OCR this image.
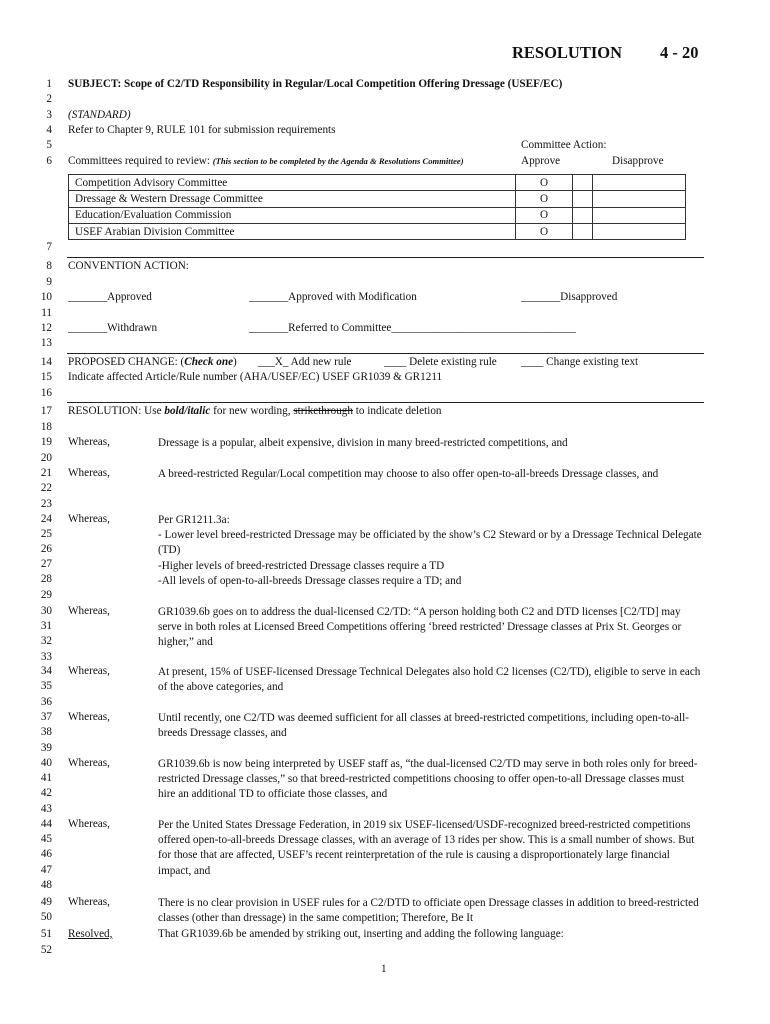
RESOLUTION 4 - 20
1
2
3
4
5
6
7
8
9
10
11
12
13
14
15
16
17
18
19
20
21
22
23
24
25
26
27
28
29
30
31
32
33
34
35
36
37
38
39
40
41
42
43
44
45
46
47
48
49
50
51
52
SUBJECT: Scope of C2/TD Responsibility in Regular/Local Competition Offering Dressage (USEF/EC)
(STANDARD)
Refer to Chapter 9, RULE 101 for submission requirements
Committee Action:
Committees required to review: (This section to be completed by the Agenda & Resolutions Committee)	Approve	Disapprove
Competition Advisory Committee	O		
Dressage & Western Dressage Committee	O		
Education/Evaluation Commission	O		
USEF Arabian Division Committee	O		
CONVENTION ACTION:
_______Approved	_______Approved with Modification	_______Disapproved
_______Withdrawn	_______Referred to Committee_________________________________
PROPOSED CHANGE: (Check one) ___X_ Add new rule	____ Delete existing rule ____ Change existing text
Indicate affected Article/Rule number (AHA/USEF/EC) USEF GR1039 & GR1211
RESOLUTION: Use bold/italic for new wording, strikethrough to indicate deletion
Whereas,	Dressage is a popular, albeit expensive, division in many breed-restricted competitions, and
Whereas,	A breed-restricted Regular/Local competition may choose to also offer open-to-all-breeds Dressage classes, and
Whereas,	Per GR1211.3a:
- Lower level breed-restricted Dressage may be officiated by the show’s C2 Steward or by a Dressage Technical Delegate (TD)
-Higher levels of breed-restricted Dressage classes require a TD
-All levels of open-to-all-breeds Dressage classes require a TD; and
Whereas,	GR1039.6b goes on to address the dual-licensed C2/TD: “A person holding both C2 and DTD licenses [C2/TD] may serve in both roles at Licensed Breed Competitions offering ‘breed restricted’ Dressage classes at Prix St. Georges or higher,” and
Whereas,	At present, 15% of USEF-licensed Dressage Technical Delegates also hold C2 licenses (C2/TD), eligible to serve in each of the above categories, and
Whereas,	Until recently, one C2/TD was deemed sufficient for all classes at breed-restricted competitions, including open-to-all-breeds Dressage classes, and
Whereas,	GR1039.6b is now being interpreted by USEF staff as, “the dual-licensed C2/TD may serve in both roles only for breed-restricted Dressage classes,” so that breed-restricted competitions choosing to offer open-to-all Dressage classes must hire an additional TD to officiate those classes, and
Whereas,	Per the United States Dressage Federation, in 2019 six USEF-licensed/USDF-recognized breed-restricted competitions offered open-to-all-breeds Dressage classes, with an average of 13 rides per show. This is a small number of shows. But for those that are affected, USEF’s recent reinterpretation of the rule is causing a disproportionately large financial impact, and
Whereas,	There is no clear provision in USEF rules for a C2/DTD to officiate open Dressage classes in addition to breed-restricted classes (other than dressage) in the same competition; Therefore, Be It
Resolved,	That GR1039.6b be amended by striking out, inserting and adding the following language:
1
